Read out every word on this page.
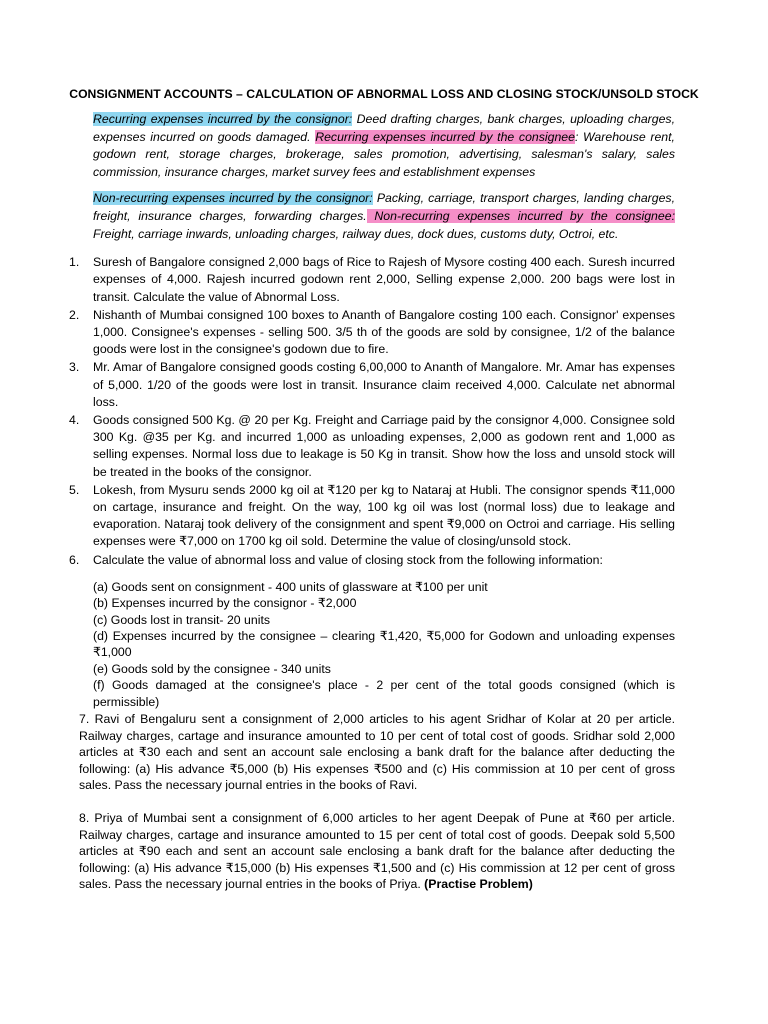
CONSIGNMENT ACCOUNTS – CALCULATION OF ABNORMAL LOSS AND CLOSING STOCK/UNSOLD STOCK

Recurring expenses incurred by the consignor: Deed drafting charges, bank charges, uploading charges, expenses incurred on goods damaged. Recurring expenses incurred by the consignee: Warehouse rent, godown rent, storage charges, brokerage, sales promotion, advertising, salesman's salary, sales commission, insurance charges, market survey fees and establishment expenses

Non-recurring expenses incurred by the consignor: Packing, carriage, transport charges, landing charges, freight, insurance charges, forwarding charges. Non-recurring expenses incurred by the consignee: Freight, carriage inwards, unloading charges, railway dues, dock dues, customs duty, Octroi, etc.

1. Suresh of Bangalore consigned 2,000 bags of Rice to Rajesh of Mysore costing 400 each. Suresh incurred expenses of 4,000. Rajesh incurred godown rent 2,000, Selling expense 2,000. 200 bags were lost in transit. Calculate the value of Abnormal Loss.
2. Nishanth of Mumbai consigned 100 boxes to Ananth of Bangalore costing 100 each. Consignor' expenses 1,000. Consignee's expenses - selling 500. 3/5 th of the goods are sold by consignee, 1/2 of the balance goods were lost in the consignee's godown due to fire.
3. Mr. Amar of Bangalore consigned goods costing 6,00,000 to Ananth of Mangalore. Mr. Amar has expenses of 5,000. 1/20 of the goods were lost in transit. Insurance claim received 4,000. Calculate net abnormal loss.
4. Goods consigned 500 Kg. @ 20 per Kg. Freight and Carriage paid by the consignor 4,000. Consignee sold 300 Kg. @35 per Kg. and incurred 1,000 as unloading expenses, 2,000 as godown rent and 1,000 as selling expenses. Normal loss due to leakage is 50 Kg in transit. Show how the loss and unsold stock will be treated in the books of the consignor.
5. Lokesh, from Mysuru sends 2000 kg oil at ₹120 per kg to Nataraj at Hubli. The consignor spends ₹11,000 on cartage, insurance and freight. On the way, 100 kg oil was lost (normal loss) due to leakage and evaporation. Nataraj took delivery of the consignment and spent ₹9,000 on Octroi and carriage. His selling expenses were ₹7,000 on 1700 kg oil sold. Determine the value of closing/unsold stock.
6. Calculate the value of abnormal loss and value of closing stock from the following information:
(a) Goods sent on consignment - 400 units of glassware at ₹100 per unit
(b) Expenses incurred by the consignor - ₹2,000
(c) Goods lost in transit- 20 units
(d) Expenses incurred by the consignee – clearing ₹1,420, ₹5,000 for Godown and unloading expenses ₹1,000
(e) Goods sold by the consignee - 340 units
(f) Goods damaged at the consignee's place - 2 per cent of the total goods consigned (which is permissible)
7. Ravi of Bengaluru sent a consignment of 2,000 articles to his agent Sridhar of Kolar at 20 per article. Railway charges, cartage and insurance amounted to 10 per cent of total cost of goods. Sridhar sold 2,000 articles at ₹30 each and sent an account sale enclosing a bank draft for the balance after deducting the following: (a) His advance ₹5,000 (b) His expenses ₹500 and (c) His commission at 10 per cent of gross sales. Pass the necessary journal entries in the books of Ravi.
8. Priya of Mumbai sent a consignment of 6,000 articles to her agent Deepak of Pune at ₹60 per article. Railway charges, cartage and insurance amounted to 15 per cent of total cost of goods. Deepak sold 5,500 articles at ₹90 each and sent an account sale enclosing a bank draft for the balance after deducting the following: (a) His advance ₹15,000 (b) His expenses ₹1,500 and (c) His commission at 12 per cent of gross sales. Pass the necessary journal entries in the books of Priya. (Practise Problem)
